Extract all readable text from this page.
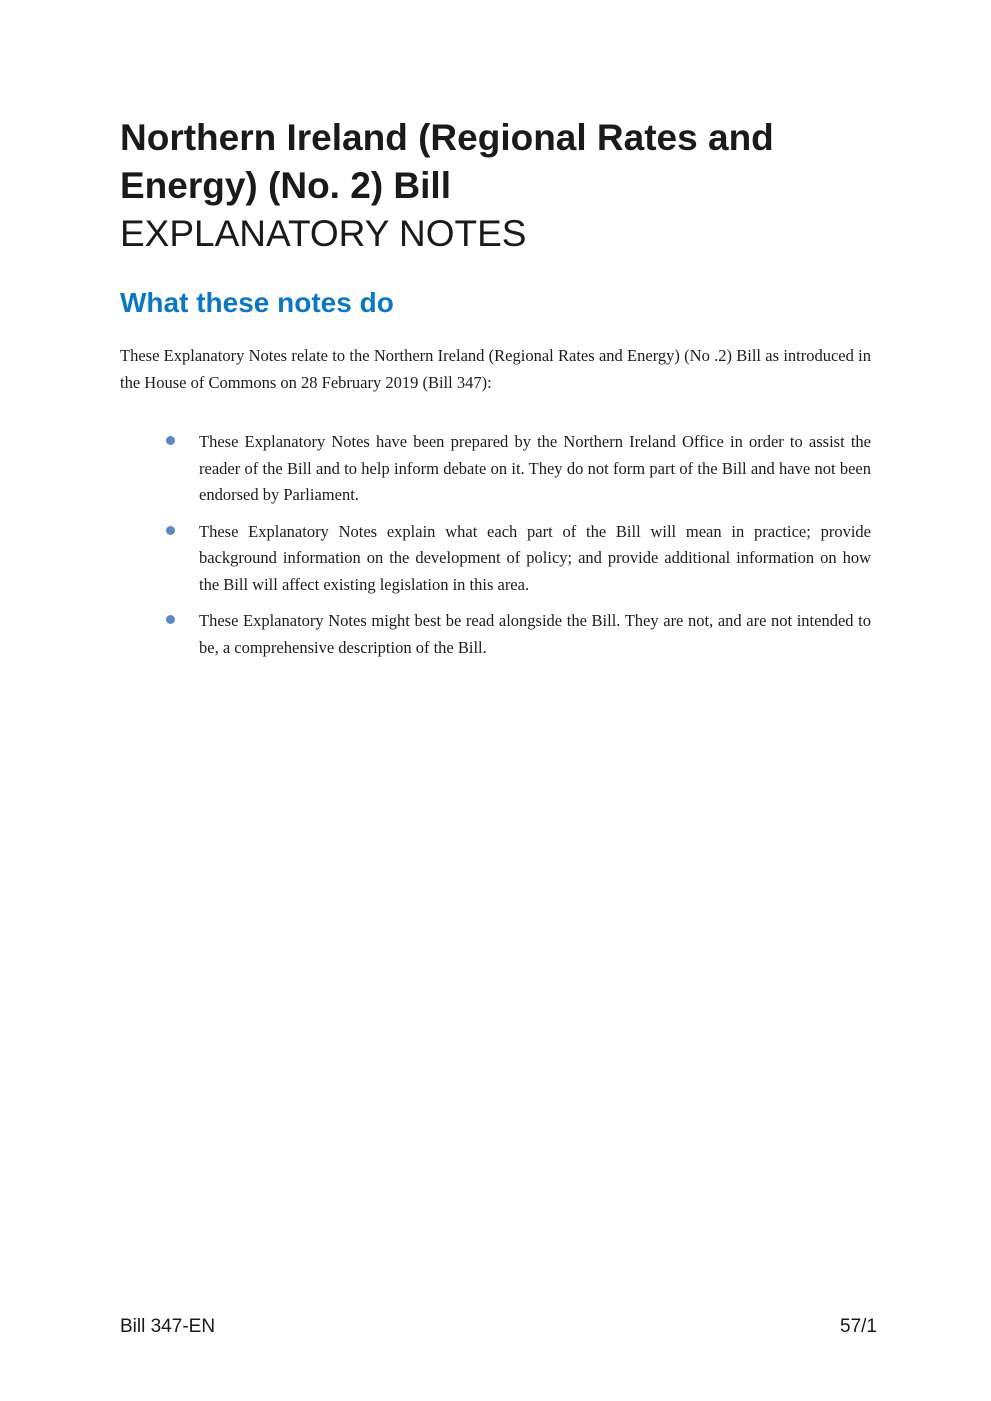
Northern Ireland (Regional Rates and Energy) (No. 2) Bill
EXPLANATORY NOTES
What these notes do

These Explanatory Notes relate to the Northern Ireland (Regional Rates and Energy) (No .2) Bill as introduced in the House of Commons on 28 February 2019 (Bill 347):

These Explanatory Notes have been prepared by the Northern Ireland Office in order to assist the reader of the Bill and to help inform debate on it. They do not form part of the Bill and have not been endorsed by Parliament.
These Explanatory Notes explain what each part of the Bill will mean in practice; provide background information on the development of policy; and provide additional information on how the Bill will affect existing legislation in this area.
These Explanatory Notes might best be read alongside the Bill. They are not, and are not intended to be, a comprehensive description of the Bill.
Bill 347-EN	57/1
